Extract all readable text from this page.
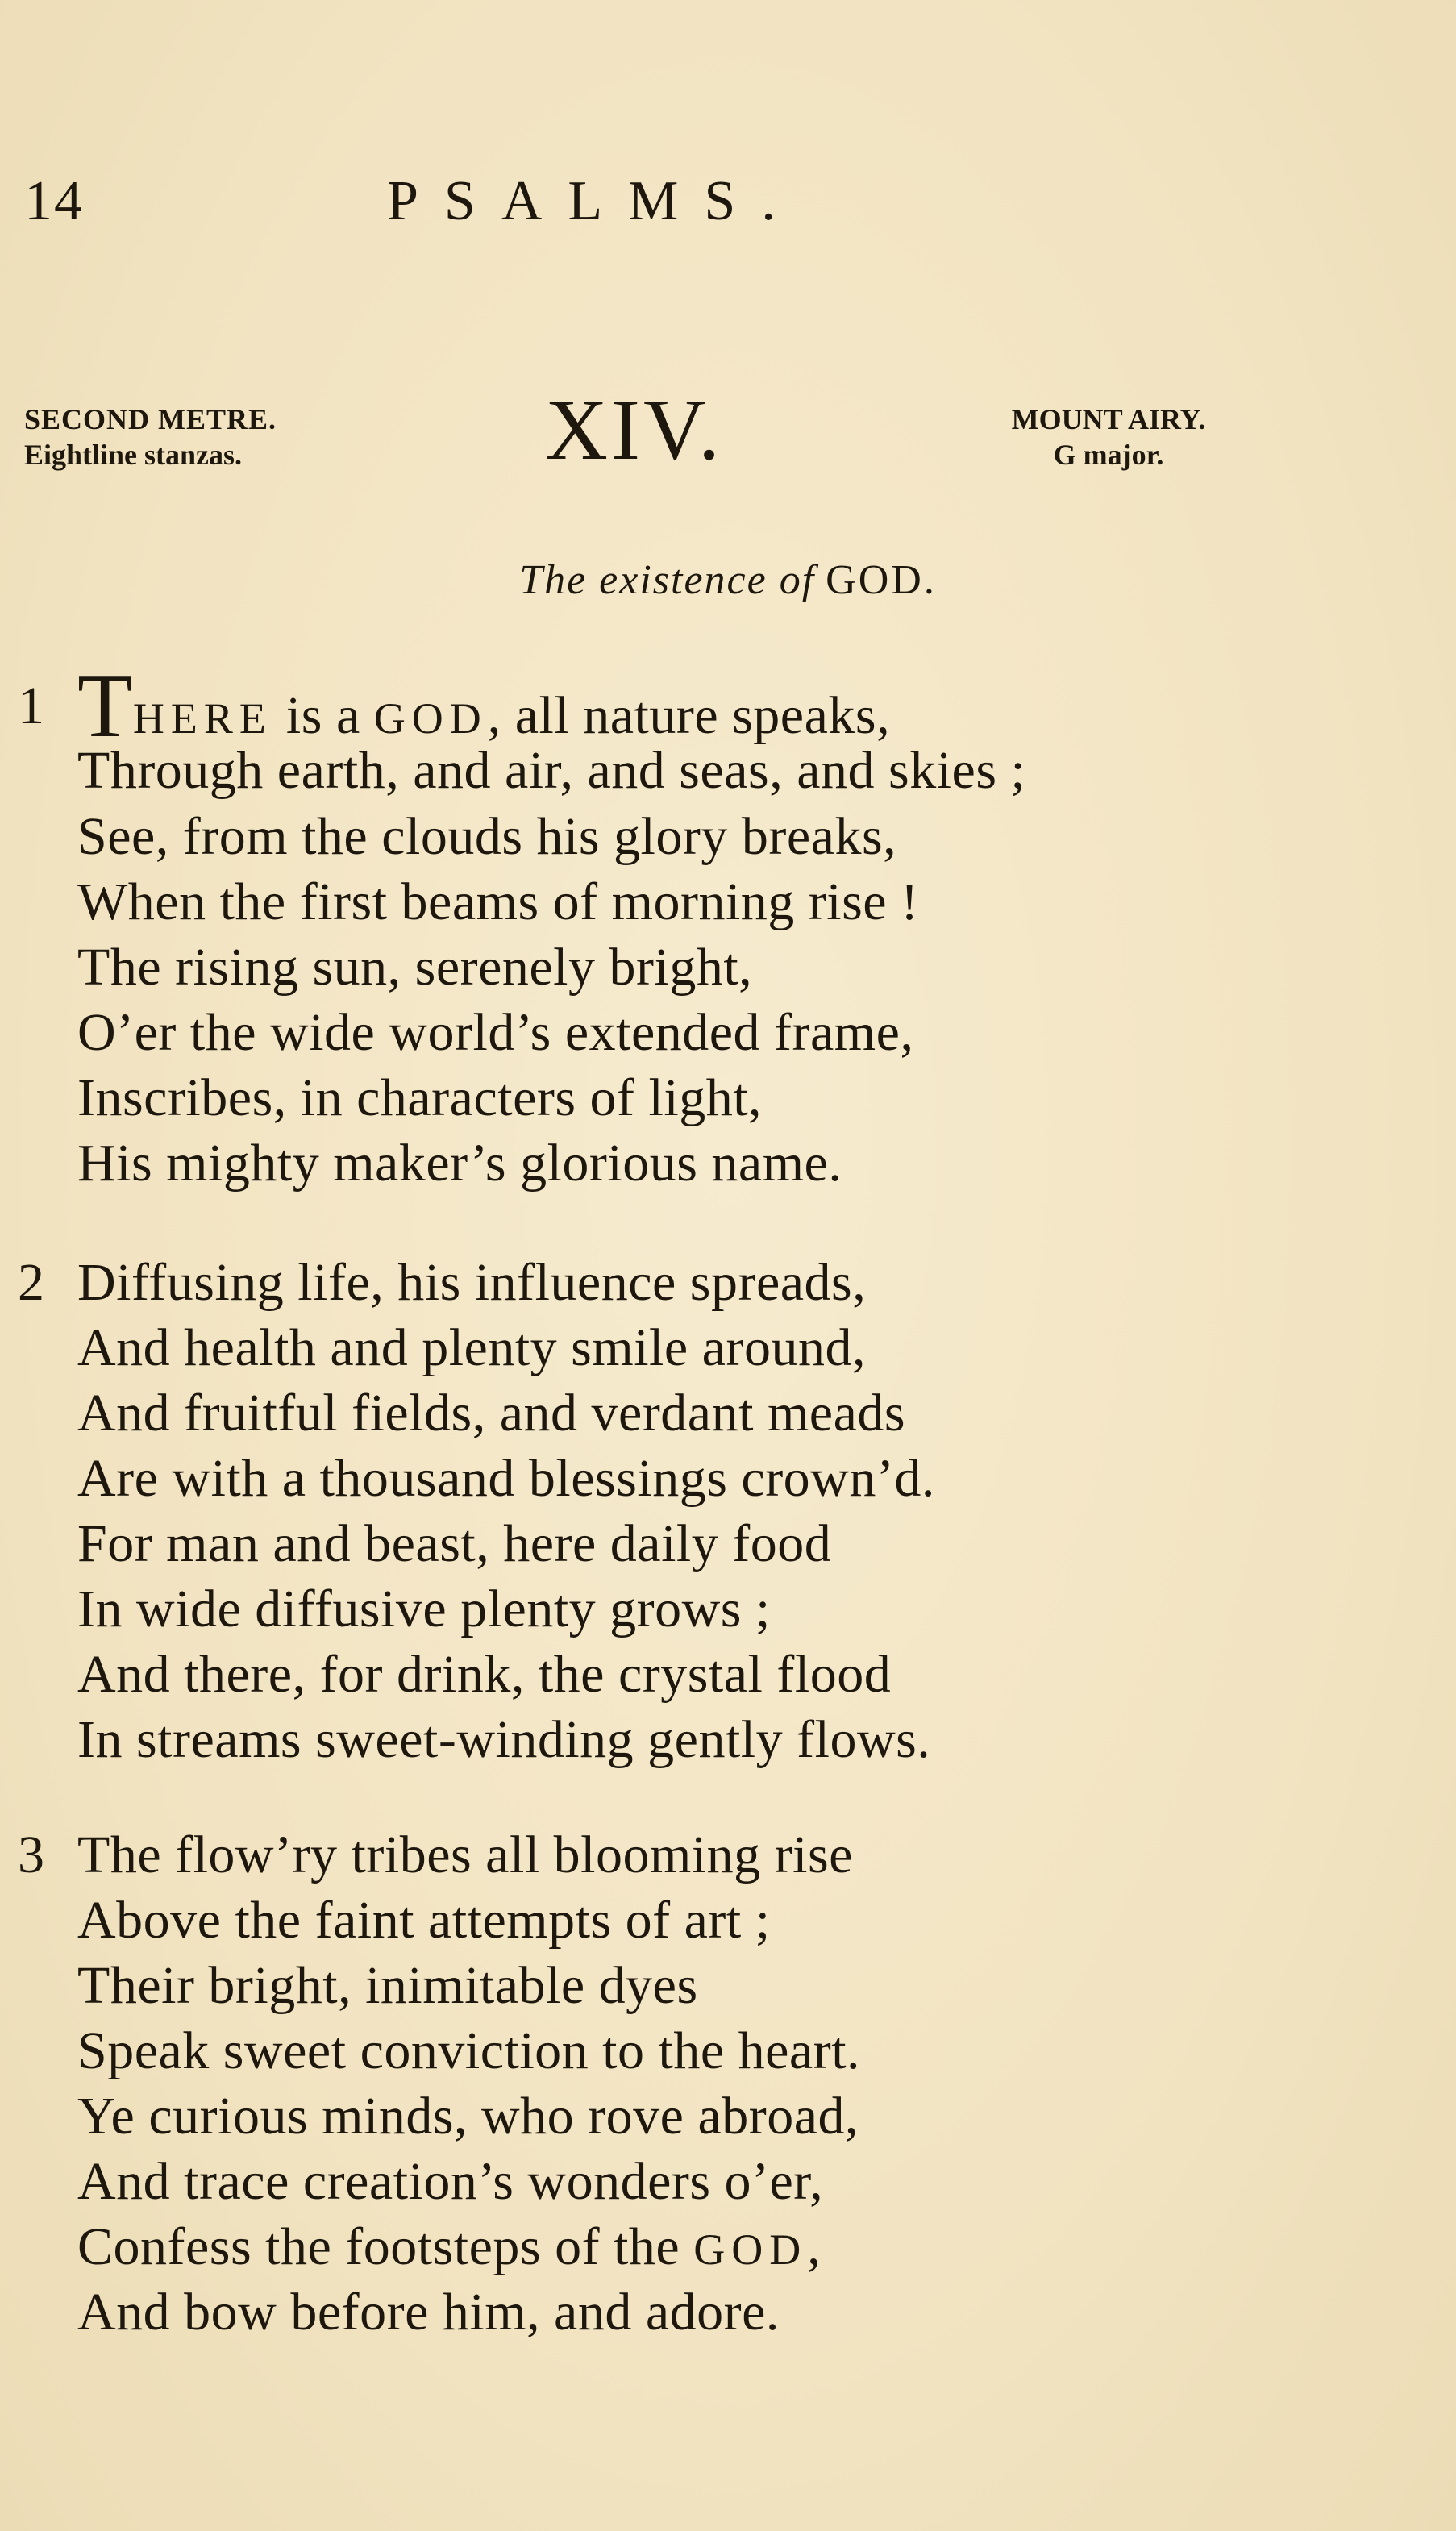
14	PSALMS.
SECOND METRE.
Eightline stanzas.	XIV.	MOUNT AIRY.
G major.
The existence of GOD.
1 THERE is a GOD, all nature speaks,
Through earth, and air, and seas, and skies ;
See, from the clouds his glory breaks,
When the first beams of morning rise !
The rising sun, serenely bright,
O’er the wide world’s extended frame,
Inscribes, in characters of light,
His mighty maker’s glorious name.
2 Diffusing life, his influence spreads,
And health and plenty smile around,
And fruitful fields, and verdant meads
Are with a thousand blessings crown’d.
For man and beast, here daily food
In wide diffusive plenty grows ;
And there, for drink, the crystal flood
In streams sweet-winding gently flows.
3 The flow’ry tribes all blooming rise
Above the faint attempts of art ;
Their bright, inimitable dyes
Speak sweet conviction to the heart.
Ye curious minds, who rove abroad,
And trace creation’s wonders o’er,
Confess the footsteps of the GOD,
And bow before him, and adore.
